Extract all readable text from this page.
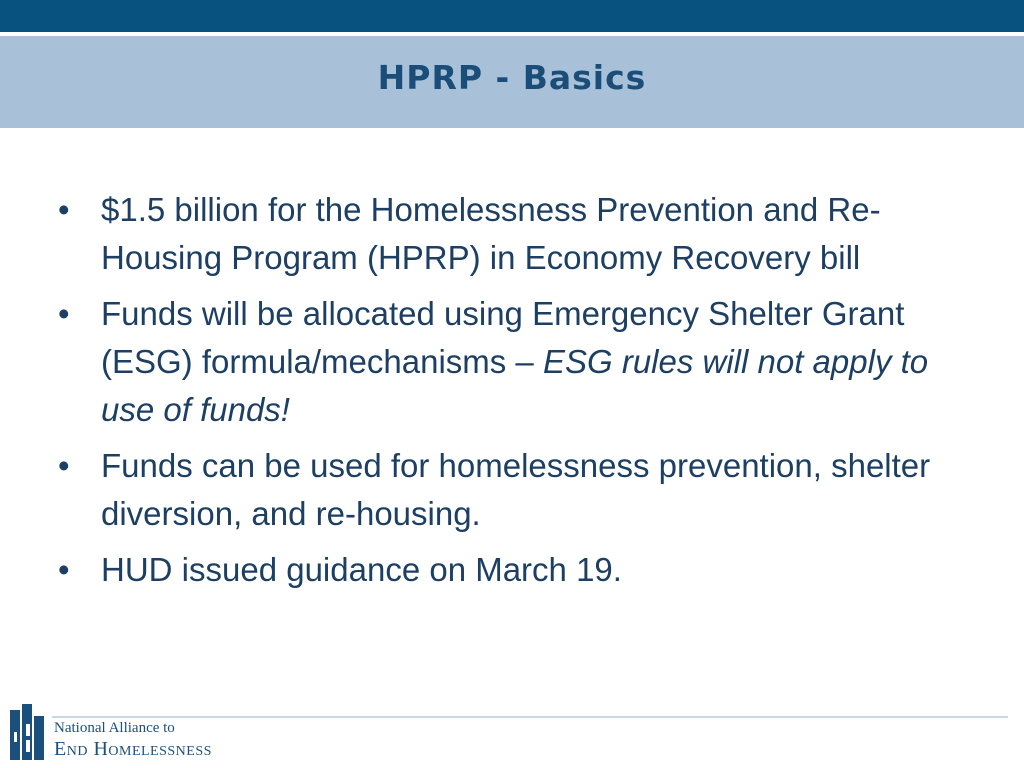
HPRP - Basics
• $1.5 billion for the Homelessness Prevention and Re-Housing Program (HPRP) in Economy Recovery bill
• Funds will be allocated using Emergency Shelter Grant (ESG) formula/mechanisms – ESG rules will not apply to use of funds!
• Funds can be used for homelessness prevention, shelter diversion, and re-housing.
• HUD issued guidance on March 19.
National Alliance to
End Homelessness
